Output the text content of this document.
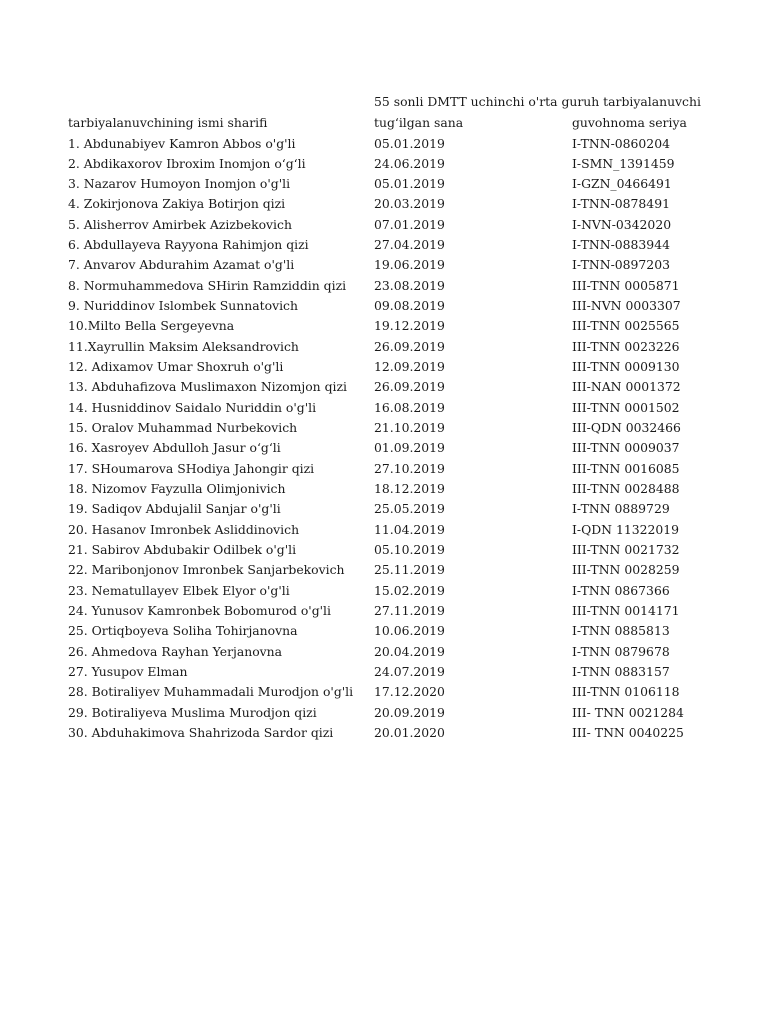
55 sonli DMTT uchinchi o'rta guruh tarbiyalanuvchi
tarbiyalanuvchining ismi sharifi	tug‘ilgan sana	guvohnoma seriya
1. Abdunabiyev Kamron Abbos o'g'li	05.01.2019	I-TNN-0860204
2. Abdikaxorov Ibroxim Inomjon o‘g‘li	24.06.2019	I-SMN_1391459
3. Nazarov Humoyon Inomjon o'g'li	05.01.2019	I-GZN_0466491
4. Zokirjonova Zakiya Botirjon qizi	20.03.2019	I-TNN-0878491
5. Alisherrov Amirbek Azizbekovich	07.01.2019	I-NVN-0342020
6. Abdullayeva Rayyona Rahimjon qizi	27.04.2019	I-TNN-0883944
7. Anvarov Abdurahim Azamat o'g'li	19.06.2019	I-TNN-0897203
8. Normuhammedova SHirin Ramziddin qizi 23.08.2019	III-TNN 0005871
9. Nuriddinov Islombek Sunnatovich	09.08.2019	III-NVN 0003307
10.Milto Bella Sergeyevna	19.12.2019	III-TNN 0025565
11.Xayrullin Maksim Aleksandrovich	26.09.2019	III-TNN 0023226
12. Adixamov Umar Shoxruh o'g'li	12.09.2019	III-TNN 0009130
13. Abduhafizova Muslimaxon Nizomjon qizi 26.09.2019	III-NAN 0001372
14. Husniddinov Saidalo Nuriddin o'g'li	16.08.2019	III-TNN 0001502
15. Oralov Muhammad Nurbekovich	21.10.2019	III-QDN 0032466
16. Xasroyev Abdulloh Jasur o‘g‘li	01.09.2019	III-TNN 0009037
17. SHoumarova SHodiya Jahongir qizi	27.10.2019	III-TNN 0016085
18. Nizomov Fayzulla Olimjonivich	18.12.2019	III-TNN 0028488
19. Sadiqov Abdujalil Sanjar o'g'li	25.05.2019	I-TNN 0889729
20. Hasanov Imronbek Asliddinovich	11.04.2019	I-QDN 11322019
21. Sabirov Abdubakir Odilbek o'g'li	05.10.2019	III-TNN 0021732
22. Maribonjonov Imronbek Sanjarbekovich 25.11.2019	III-TNN 0028259
23. Nematullayev Elbek Elyor o'g'li	15.02.2019	I-TNN 0867366
24. Yunusov Kamronbek Bobomurod o'g'li	27.11.2019	III-TNN 0014171
25. Ortiqboyeva Soliha Tohirjanovna	10.06.2019	I-TNN 0885813
26. Ahmedova Rayhan Yerjanovna	20.04.2019	I-TNN 0879678
27. Yusupov Elman	24.07.2019	I-TNN 0883157
28. Botiraliyev Muhammadali Murodjon o'g'li 17.12.2020	III-TNN 0106118
29. Botiraliyeva Muslima Murodjon qizi	20.09.2019	III- TNN 0021284
30. Abduhakimova Shahrizoda Sardor qizi	20.01.2020	III- TNN 0040225
